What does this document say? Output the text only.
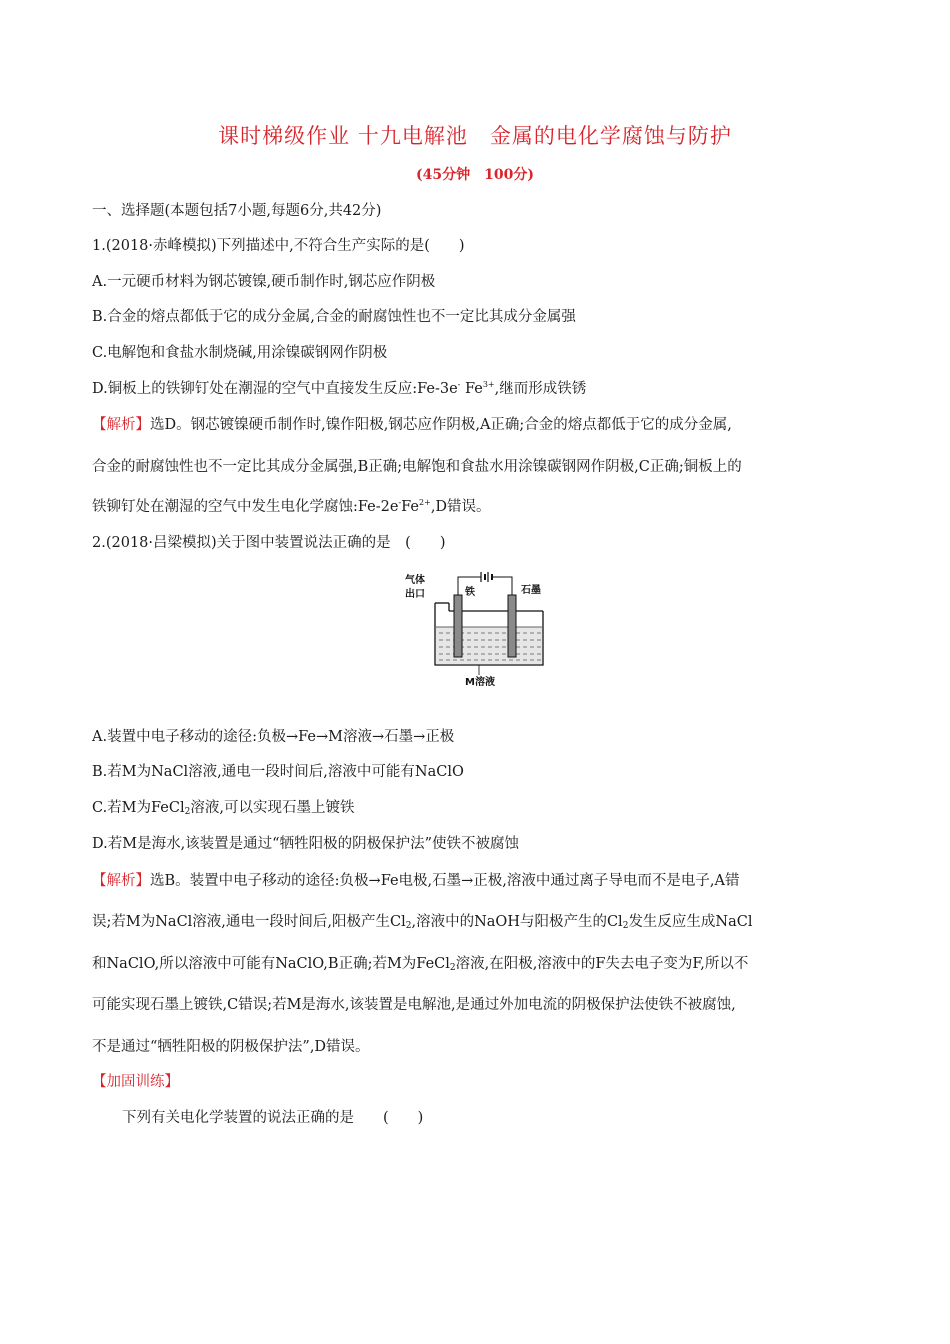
课时梯级作业 十九电解池　金属的电化学腐蚀与防护
(45分钟　100分)
一、选择题(本题包括7小题,每题6分,共42分)
1.(2018·赤峰模拟)下列描述中,不符合生产实际的是(　　)
A.一元硬币材料为钢芯镀镍,硬币制作时,钢芯应作阴极
B.合金的熔点都低于它的成分金属,合金的耐腐蚀性也不一定比其成分金属强
C.电解饱和食盐水制烧碱,用涂镍碳钢网作阴极
D.铜板上的铁铆钉处在潮湿的空气中直接发生反应:Fe-3e- $Fe^{3+}$,继而形成铁锈
【解析】选D。钢芯镀镍硬币制作时,镍作阳极,钢芯应作阴极,A正确;合金的熔点都低于它的成分金属,
合金的耐腐蚀性也不一定比其成分金属强,B正确;电解饱和食盐水用涂镍碳钢网作阴极,C正确;铜板上的
铁铆钉处在潮湿的空气中发生电化学腐蚀$:Fe-2e^-Fe^{2+},D$错误。
2.(2018·吕梁模拟)关于图中装置说法正确的是　(　　)
气体
出口	铁	石墨
M溶液
A.装置中电子移动的途径:负极→Fe→M溶液→石墨→正极
B.若M为NaCl溶液,通电一段时间后,溶液中可能有NaClO
C.若M为FeCl$_2$溶液,可以实现石墨上镀铁
D.若M是海水,该装置是通过“牺牲阳极的阴极保护法”使铁不被腐蚀
【解析】选B。装置中电子移动的途径:负极→Fe电极,石墨→正极,溶液中通过离子导电而不是电子,A错
误;若M为NaCl溶液,通电一段时间后,阳极产生$Cl_2$,溶液中的NaOH与阳极产生的$Cl_2$发生反应生成NaCl
和NaClO,所以溶液中可能有NaClO,B正确;若M为FeCl$_2$溶液,在阳极,溶液中的F失去电子变为F,所以不
可能实现石墨上镀铁,C错误;若M是海水,该装置是电解池,是通过外加电流的阴极保护法使铁不被腐蚀,
不是通过“牺牲阳极的阴极保护法”,D错误。
【加固训练】
下列有关电化学装置的说法正确的是　　(　　)
